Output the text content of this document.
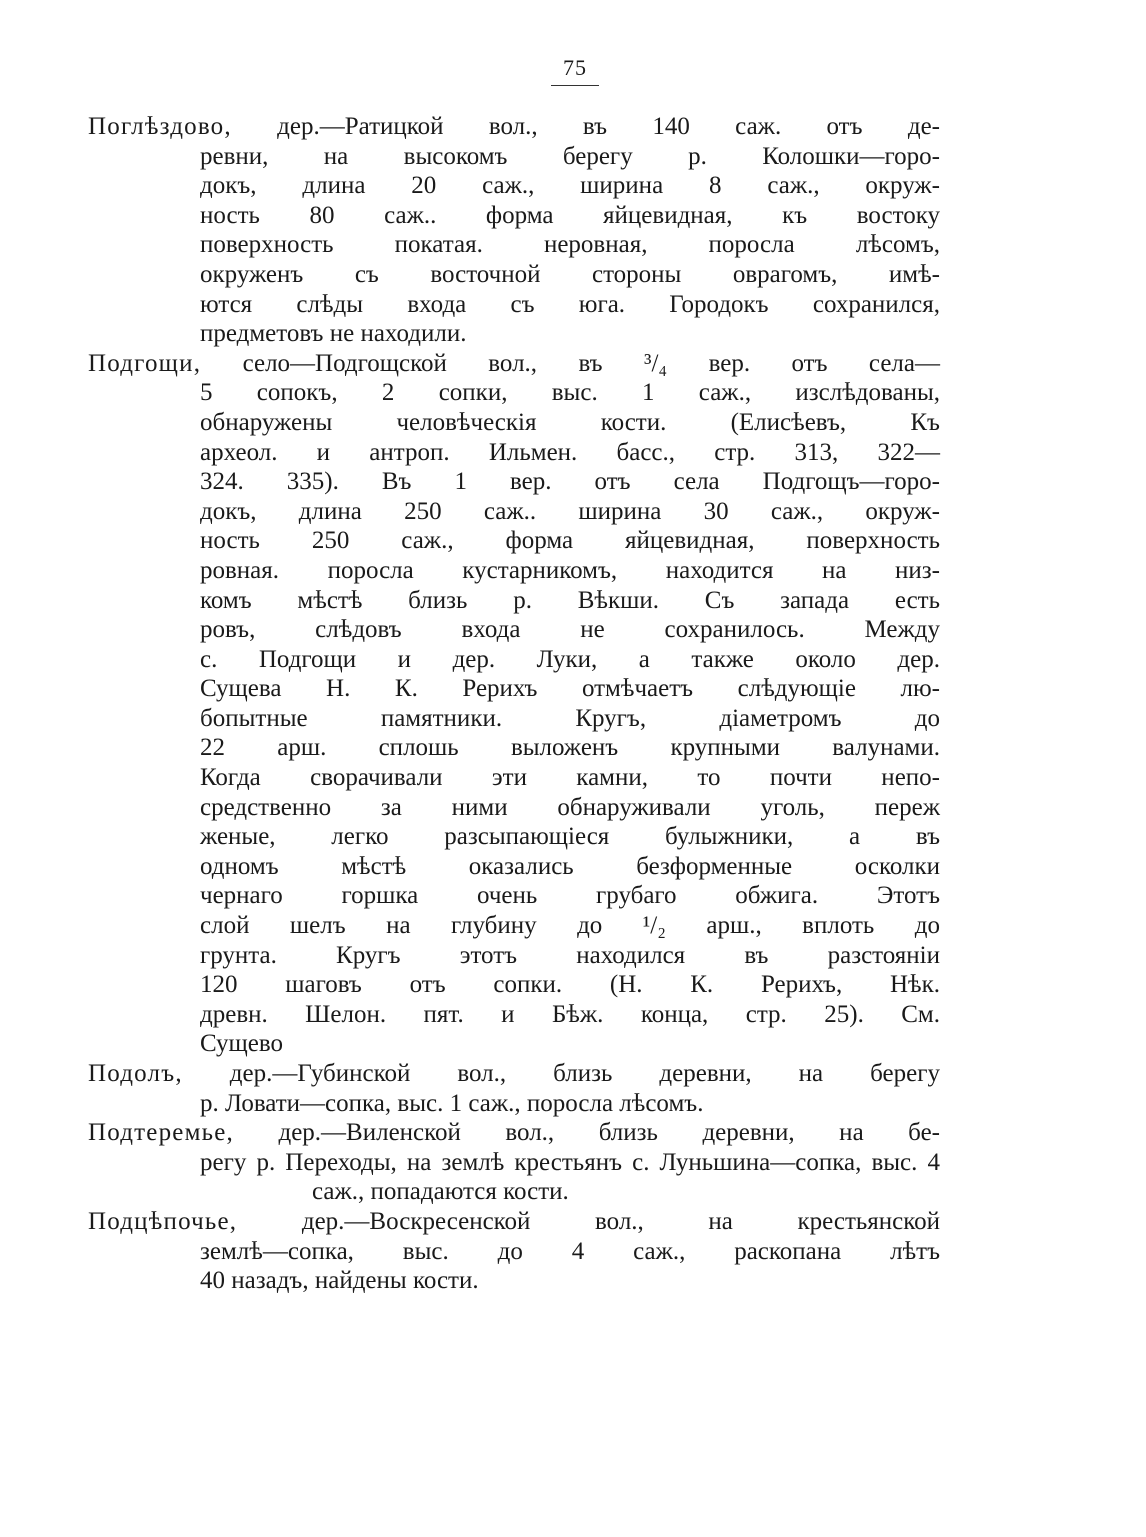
75
Поглѣздово, дер.—Ратицкой вол., въ 140 саж. отъ де-
ревни, на высокомъ берегу р. Колошки—горо-
докъ, длина 20 саж., ширина 8 саж., окруж-
ность 80 саж.. форма яйцевидная, къ востоку
поверхность покатая. неровная, поросла лѣсомъ,
окруженъ съ восточной стороны оврагомъ, имѣ-
ются слѣды входа съ юга. Городокъ сохранился,
предметовъ не находили.
Подгощи, село—Подгощской вол., въ ³/₄ вер. отъ села—
5 сопокъ, 2 сопки, выс. 1 саж., изслѣдованы,
обнаружены человѣческія кости. (Елисѣевъ, Къ
археол. и антроп. Ильмен. басс., стр. 313, 322—
324. 335). Въ 1 вер. отъ села Подгощъ—горо-
докъ, длина 250 саж.. ширина 30 саж., окруж-
ность 250 саж., форма яйцевидная, поверхность
ровная. поросла кустарникомъ, находится на низ-
комъ мѣстѣ близь р. Вѣкши. Съ запада есть
ровъ, слѣдовъ входа не сохранилось. Между
с. Подгощи и дер. Луки, а также около дер.
Сущева Н. К. Рерихъ отмѣчаетъ слѣдующіе лю-
бопытные памятники. Кругъ, діаметромъ до
22 арш. сплошь выложенъ крупными валунами.
Когда сворачивали эти камни, то почти непо-
средственно за ними обнаруживали уголь, переж
женые, легко разсыпающіеся булыжники, а въ
одномъ мѣстѣ оказались безформенные осколки
чернаго горшка очень грубаго обжига. Этотъ
слой шелъ на глубину до ¹/₂ арш., вплоть до
грунта. Кругъ этотъ находился въ разстояніи
120 шаговъ отъ сопки. (Н. К. Рерихъ, Нѣк.
древн. Шелон. пят. и Бѣж. конца, стр. 25). См.
Сущево
Подолъ, дер.—Губинской вол., близь деревни, на берегу
р. Ловати—сопка, выс. 1 саж., поросла лѣсомъ.
Подтеремье, дер.—Виленской вол., близь деревни, на бе-
регу р. Переходы, на землѣ крестьянъ с. Луньшина—сопка, выс. 4 саж., попадаются кости.
Подцѣпочье, дер.—Воскресенской вол., на крестьянской
землѣ—сопка, выс. до 4 саж., раскопана лѣтъ
40 назадъ, найдены кости.
